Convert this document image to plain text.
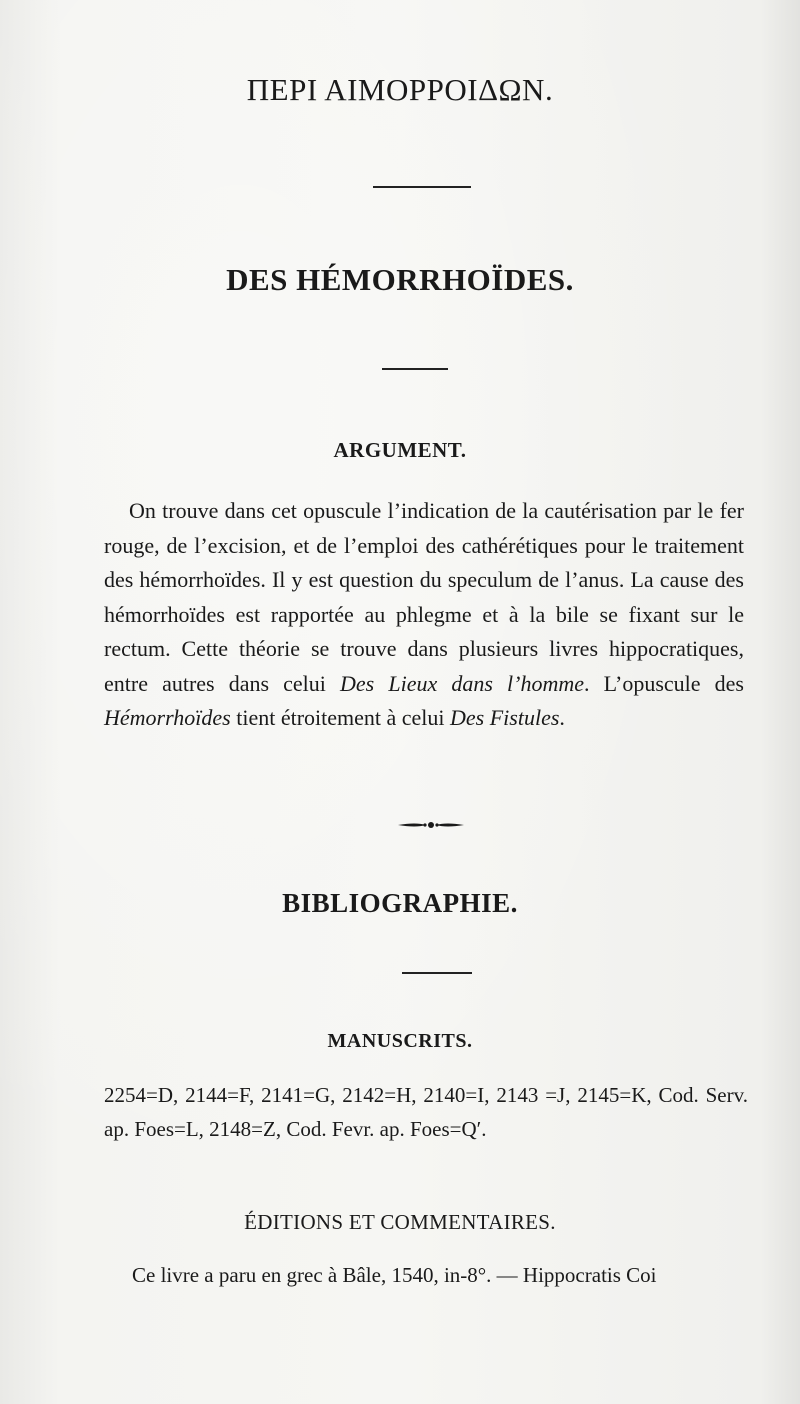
ΠΕΡΙ ΑΙΜΟΡΡΟΙΔΩΝ.
DES HÉMORRHOÏDES.
ARGUMENT.

On trouve dans cet opuscule l’indication de la cautérisation par le fer rouge, de l’excision, et de l’emploi des cathérétiques pour le traitement des hémorrhoïdes. Il y est question du speculum de l’anus. La cause des hémorrhoïdes est rapportée au phlegme et à la bile se fixant sur le rectum. Cette théorie se trouve dans plusieurs livres hippocratiques, entre autres dans celui Des Lieux dans l’homme. L’opuscule des Hémorrhoïdes tient étroitement à celui Des Fistules.

BIBLIOGRAPHIE.
MANUSCRITS.

2254=D, 2144=F, 2141=G, 2142=H, 2140=I, 2143 =J, 2145=K, Cod. Serv. ap. Foes=L, 2148=Z, Cod. Fevr. ap. Foes=Q′.

ÉDITIONS ET COMMENTAIRES.

Ce livre a paru en grec à Bâle, 1540, in-8°. — Hippocratis Coi
